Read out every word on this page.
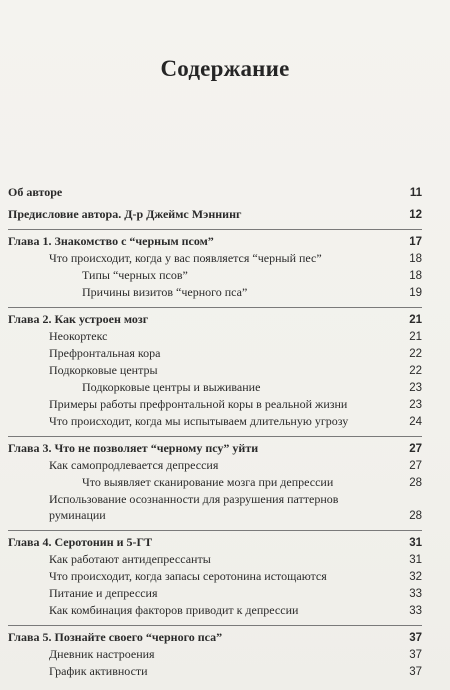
Содержание
Об авторе	11
Предисловие автора. Д-р Джеймс Мэннинг	12
Глава 1. Знакомство с “черным псом”	17
Что происходит, когда у вас появляется “черный пес”	18
Типы “черных псов”	18
Причины визитов “черного пса”	19
Глава 2. Как устроен мозг	21
Неокортекс	21
Префронтальная кора	22
Подкорковые центры	22
Подкорковые центры и выживание	23
Примеры работы префронтальной коры в реальной жизни	23
Что происходит, когда мы испытываем длительную угрозу	24
Глава 3. Что не позволяет “черному псу” уйти	27
Как самопродлевается депрессия	27
Что выявляет сканирование мозга при депрессии	28
Использование осознанности для разрушения паттернов
руминации	28
Глава 4. Серотонин и 5-ГТ	31
Как работают антидепрессанты	31
Что происходит, когда запасы серотонина истощаются	32
Питание и депрессия	33
Как комбинация факторов приводит к депрессии	33
Глава 5. Познайте своего “черного пса”	37
Дневник настроения	37
График активности	37
